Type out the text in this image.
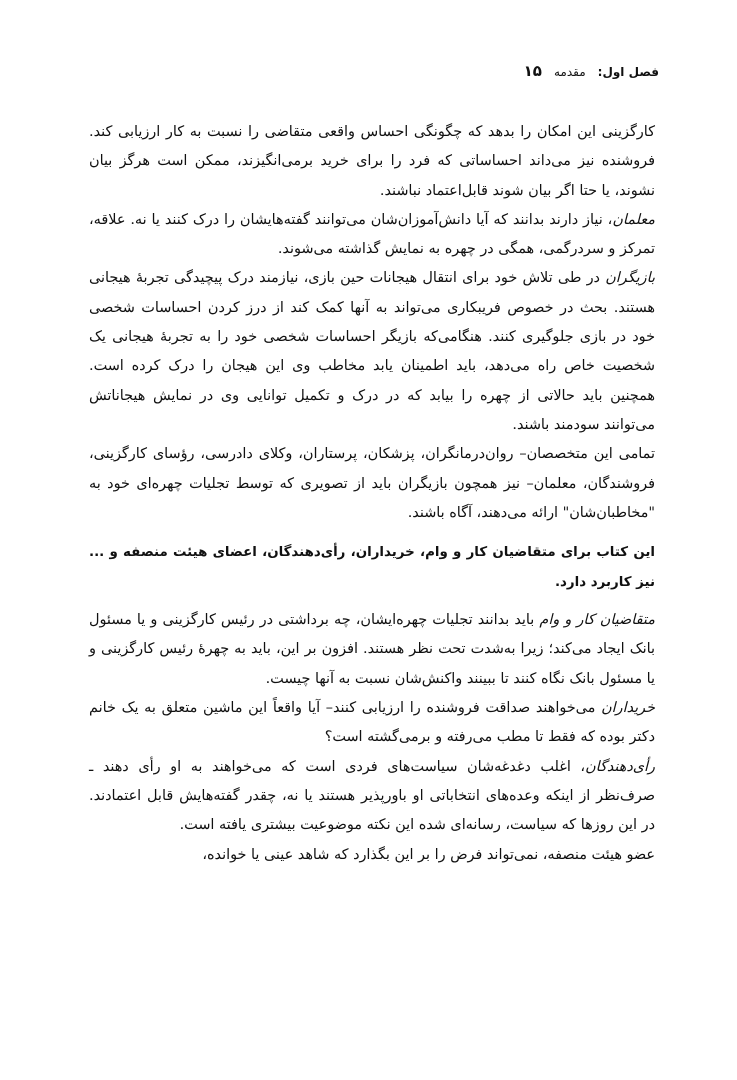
فصل اول:
مقدمه
۱۵

کارگزینی این امکان را بدهد که چگونگی احساس واقعی متقاضی را نسبت به کار ارزیابی کند. فروشنده نیز می‌داند احساساتی که فرد را برای خرید برمی‌انگیزند، ممکن است هرگز بیان نشوند، یا حتا اگر بیان شوند قابل‌اعتماد نباشند.

معلمان، نیاز دارند بدانند که آیا دانش‌آموزان‌شان می‌توانند گفته‌هایشان را درک کنند یا نه. علاقه، تمرکز و سردرگمی، همگی در چهره به نمایش گذاشته می‌شوند.

بازیگران در طی تلاش خود برای انتقال هیجانات حین بازی، نیازمند درک پیچیدگی تجربهٔ هیجانی هستند. بحث در خصوص فریبکاری می‌تواند به آنها کمک کند از درز کردن احساسات شخصی خود در بازی جلوگیری کنند. هنگامی‌که بازیگر احساسات شخصی خود را به تجربهٔ هیجانی یک شخصیت خاص راه می‌دهد، باید اطمینان یابد مخاطب وی این هیجان را درک کرده است. همچنین باید حالاتی از چهره را بیابد که در درک و تکمیل توانایی وی در نمایش هیجاناتش می‌توانند سودمند باشند.

تمامی این متخصصان– روان‌درمانگران، پزشکان، پرستاران، وکلای دادرسی، رؤسای کارگزینی، فروشندگان، معلمان– نیز همچون بازیگران باید از تصویری که توسط تجلیات چهره‌ای خود به "مخاطبان‌شان" ارائه می‌دهند، آگاه باشند.

این کتاب برای متقاضیان کار و وام، خریداران، رأی‌دهندگان، اعضای هیئت منصفه و ... نیز کاربرد دارد.

متقاضیان کار و وام باید بدانند تجلیات چهره‌ایشان، چه برداشتی در رئیس کارگزینی و یا مسئول بانک ایجاد می‌کند؛ زیرا به‌شدت تحت نظر هستند. افزون بر این، باید به چهرهٔ رئیس کارگزینی و یا مسئول بانک نگاه کنند تا ببینند واکنش‌شان نسبت به آنها چیست.

خریداران می‌خواهند صداقت فروشنده را ارزیابی کنند– آیا واقعاً این ماشین متعلق به یک خانم دکتر بوده که فقط تا مطب می‌رفته و برمی‌گشته است؟

رأی‌دهندگان، اغلب دغدغه‌شان سیاست‌های فردی است که می‌خواهند به او رأی دهند ـ صرف‌نظر از اینکه وعده‌های انتخاباتی او باورپذیر هستند یا نه، چقدر گفته‌هایش قابل اعتمادند. در این روزها که سیاست، رسانه‌ای شده این نکته موضوعیت بیشتری یافته است.

عضو هیئت منصفه، نمی‌تواند فرض را بر این بگذارد که شاهد عینی یا خوانده،
